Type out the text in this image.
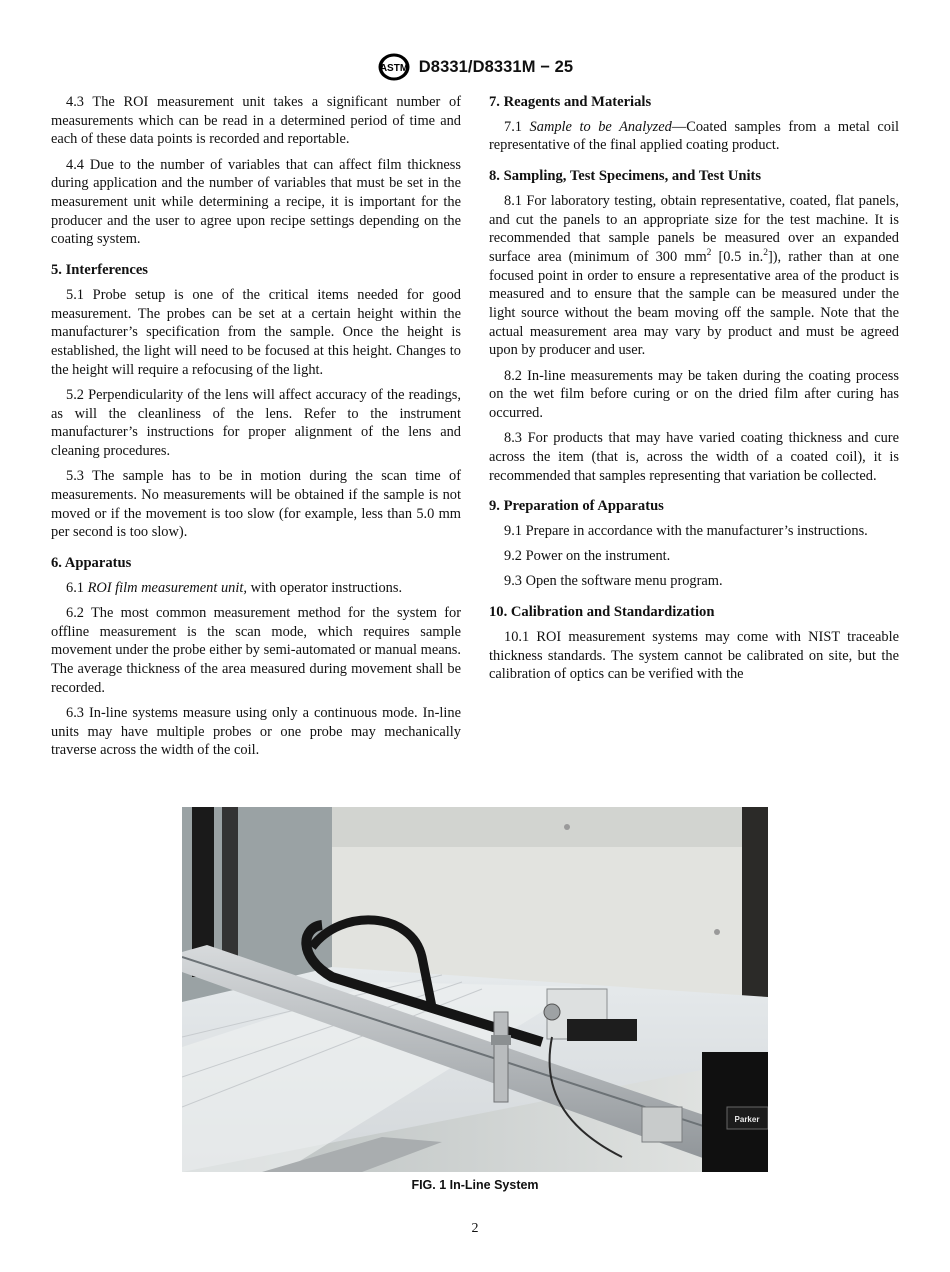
ASTM D8331/D8331M − 25

4.3 The ROI measurement unit takes a significant number of measurements which can be read in a determined period of time and each of these data points is recorded and reportable.

4.4 Due to the number of variables that can affect film thickness during application and the number of variables that must be set in the measurement unit while determining a recipe, it is important for the producer and the user to agree upon recipe settings depending on the coating system.

5. Interferences

5.1 Probe setup is one of the critical items needed for good measurement. The probes can be set at a certain height within the manufacturer’s specification from the sample. Once the height is established, the light will need to be focused at this height. Changes to the height will require a refocusing of the light.

5.2 Perpendicularity of the lens will affect accuracy of the readings, as will the cleanliness of the lens. Refer to the instrument manufacturer’s instructions for proper alignment of the lens and cleaning procedures.

5.3 The sample has to be in motion during the scan time of measurements. No measurements will be obtained if the sample is not moved or if the movement is too slow (for example, less than 5.0 mm per second is too slow).

6. Apparatus

6.1 ROI film measurement unit, with operator instructions.

6.2 The most common measurement method for the system for offline measurement is the scan mode, which requires sample movement under the probe either by semi-automated or manual means. The average thickness of the area measured during movement shall be recorded.

6.3 In-line systems measure using only a continuous mode. In-line units may have multiple probes or one probe may mechanically traverse across the width of the coil.

7. Reagents and Materials

7.1 Sample to be Analyzed—Coated samples from a metal coil representative of the final applied coating product.

8. Sampling, Test Specimens, and Test Units

8.1 For laboratory testing, obtain representative, coated, flat panels, and cut the panels to an appropriate size for the test machine. It is recommended that sample panels be measured over an expanded surface area (minimum of 300 $mm^2$ [0.5 in.$^2$]), rather than at one focused point in order to ensure a representative area of the product is measured and to ensure that the sample can be measured under the light source without the beam moving off the sample. Note that the actual measurement area may vary by product and must be agreed upon by producer and user.

8.2 In-line measurements may be taken during the coating process on the wet film before curing or on the dried film after curing has occurred.

8.3 For products that may have varied coating thickness and cure across the item (that is, across the width of a coated coil), it is recommended that samples representing that variation be collected.

9. Preparation of Apparatus

9.1 Prepare in accordance with the manufacturer’s instructions.

9.2 Power on the instrument.

9.3 Open the software menu program.

10. Calibration and Standardization

10.1 ROI measurement systems may come with NIST traceable thickness standards. The system cannot be calibrated on site, but the calibration of optics can be verified with the

Parker
FIG. 1 In-Line System
2
